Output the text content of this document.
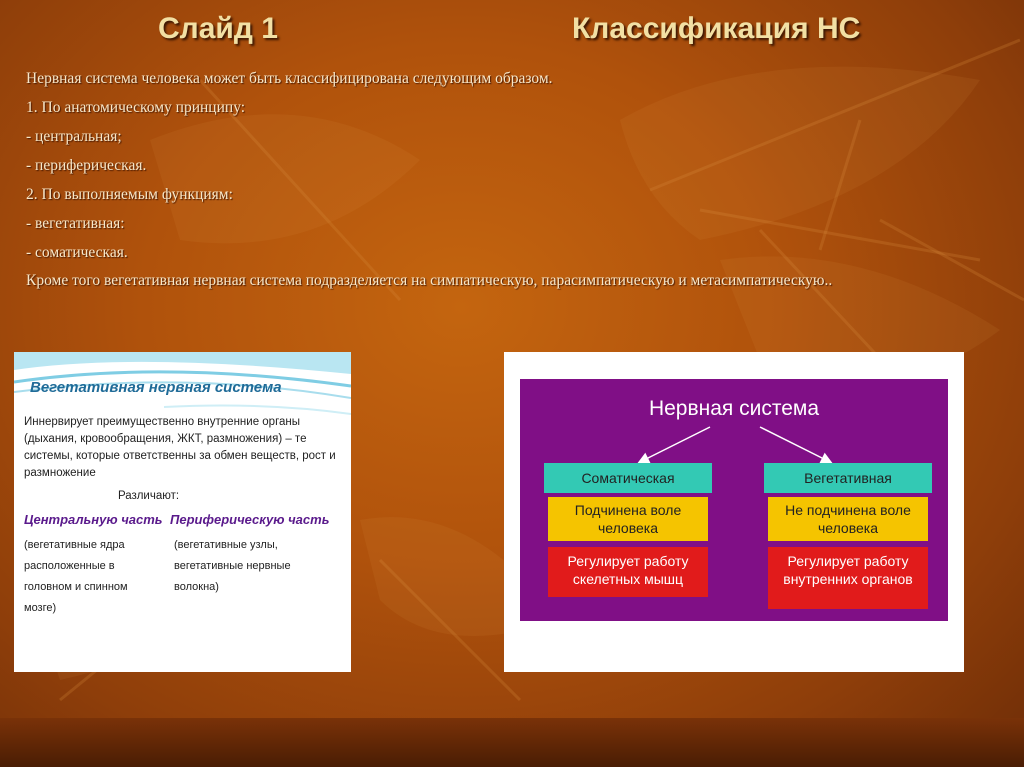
Слайд 1	Классификация НС

Нервная система человека может быть классифицирована следующим образом.

1. По анатомическому принципу:

- центральная;

- периферическая.

2. По выполняемым функциям:

- вегетативная:

- соматическая.

Кроме того вегетативная нервная система подразделяется на симпатическую, парасимпатическую и метасимпатическую..

Вегетативная нервная система
Иннервирует преимущественно внутренние органы (дыхания, кровообращения, ЖКТ, размножения) – те системы, которые ответственны за обмен веществ, рост и размножение
Различают:
Центральную часть Периферическую часть
(вегетативные ядра
расположенные в
головном и спинном
мозге)
(вегетативные узлы,
вегетативные нервные
волокна)
Нервная система
Соматическая	Вегетативная
Подчинена воле человека
Не подчинена воле человека
Регулирует работу скелетных мышц
Регулирует работу внутренних органов
